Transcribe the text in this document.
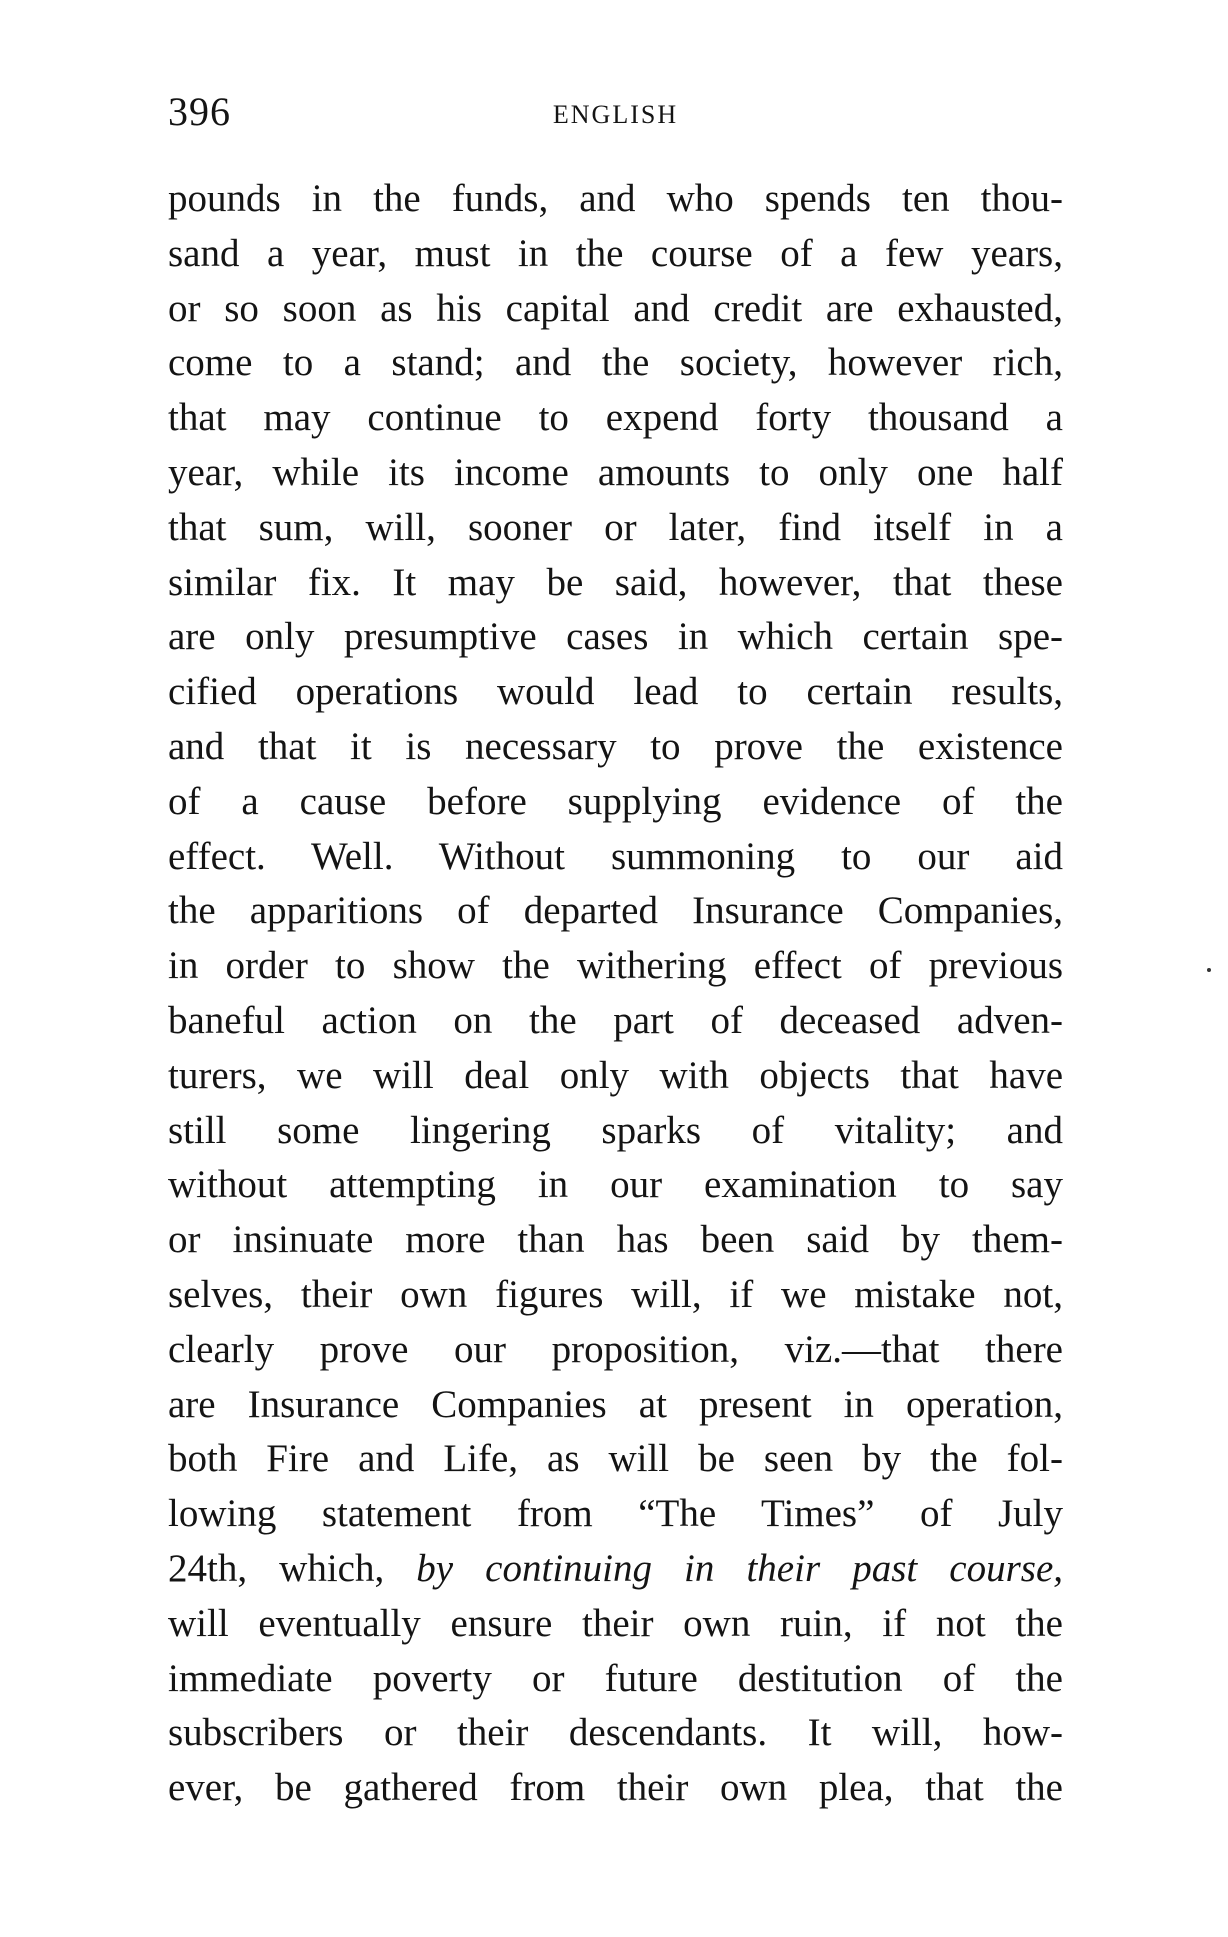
396	ENGLISH
pounds in the funds, and who spends ten thou-
sand a year, must in the course of a few years,
or so soon as his capital and credit are exhausted,
come to a stand; and the society, however rich,
that may continue to expend forty thousand a
year, while its income amounts to only one half
that sum, will, sooner or later, find itself in a
similar fix. It may be said, however, that these
are only presumptive cases in which certain spe-
cified operations would lead to certain results,
and that it is necessary to prove the existence
of a cause before supplying evidence of the
effect. Well. Without summoning to our aid
the apparitions of departed Insurance Companies,
in order to show the withering effect of previous
baneful action on the part of deceased adven-
turers, we will deal only with objects that have
still some lingering sparks of vitality; and
without attempting in our examination to say
or insinuate more than has been said by them-
selves, their own figures will, if we mistake not,
clearly prove our proposition, viz.—that there
are Insurance Companies at present in operation,
both Fire and Life, as will be seen by the fol-
lowing statement from “The Times” of July
24th, which, by continuing in their past course,
will eventually ensure their own ruin, if not the
immediate poverty or future destitution of the
subscribers or their descendants. It will, how-
ever, be gathered from their own plea, that the
